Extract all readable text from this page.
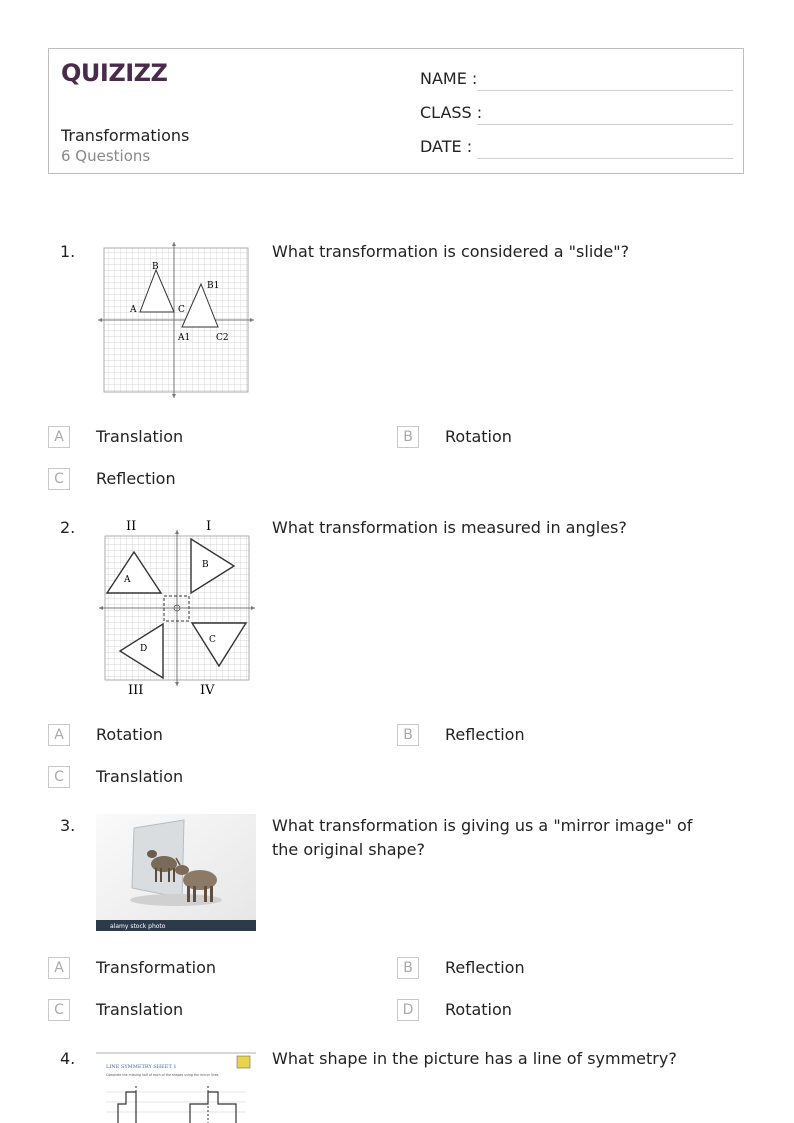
QUIZIZZ
Transformations
6 Questions
NAME :
CLASS :
DATE :
1.
B
A	C
B1
A1	C2
What transformation is considered a "slide"?
A	Translation	B	Rotation
C	Reflection
2.	II	I
III	IV
A
B
C
D
What transformation is measured in angles?
A	Rotation	B	Reflection
C	Translation
3.
alamy stock photo
What transformation is giving us a "mirror image" of the original shape?
A	Transformation	B	Reflection
C	Translation	D	Rotation
4.	LINE SYMMETRY SHEET 1
Complete the missing half of each of the shapes using the mirror lines.
What shape in the picture has a line of symmetry?
